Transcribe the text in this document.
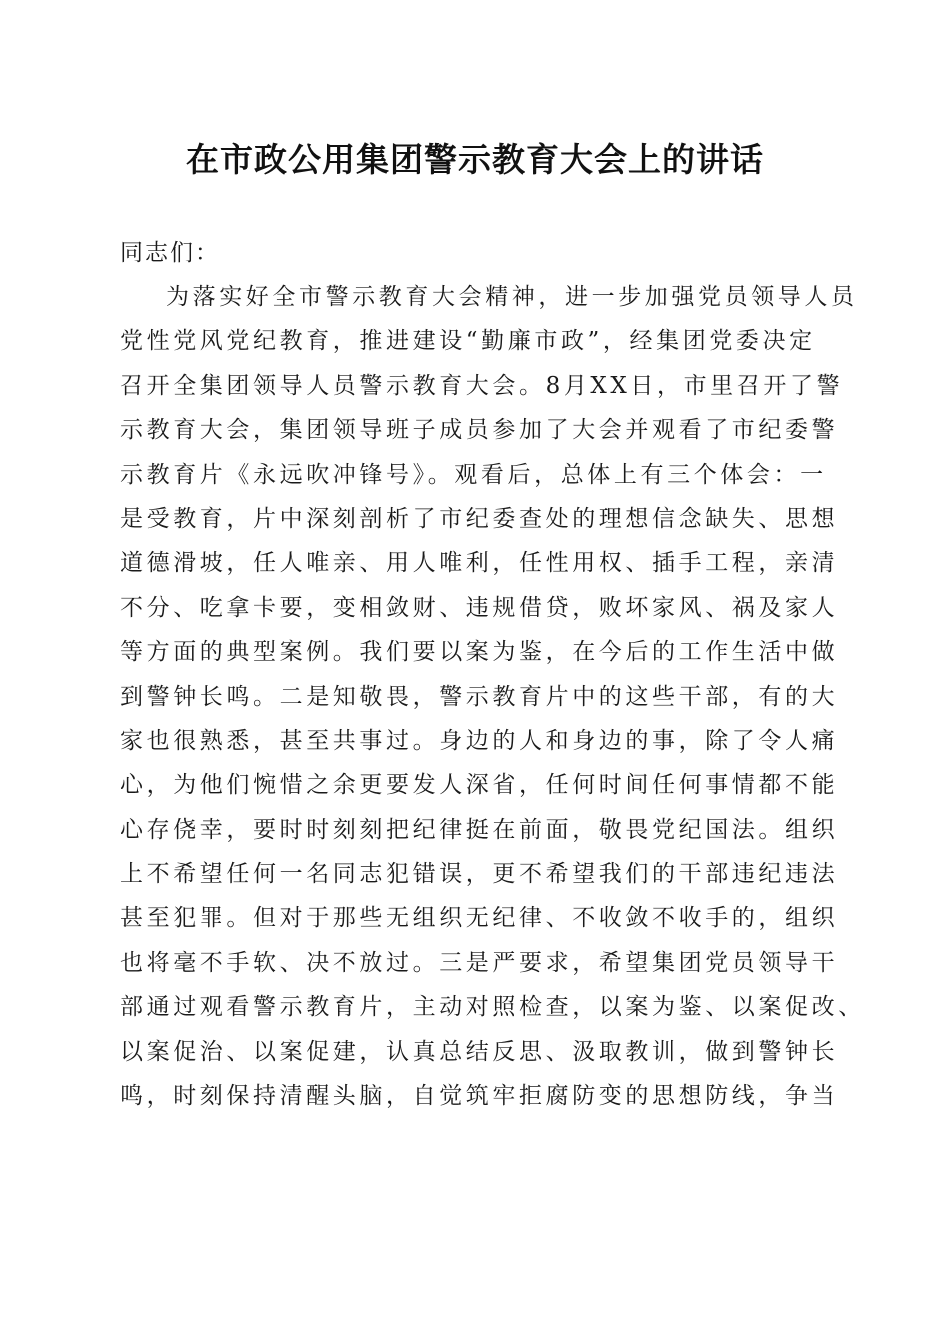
在市政公用集团警示教育大会上的讲话
同志们：
为落实好全市警示教育大会精神，进一步加强党员领导人员
党性党风党纪教育，推进建设“勤廉市政”，经集团党委决定
召开全集团领导人员警示教育大会。8月XX日，市里召开了警
示教育大会，集团领导班子成员参加了大会并观看了市纪委警
示教育片《永远吹冲锋号》。观看后，总体上有三个体会：一
是受教育，片中深刻剖析了市纪委查处的理想信念缺失、思想
道德滑坡，任人唯亲、用人唯利，任性用权、插手工程，亲清
不分、吃拿卡要，变相敛财、违规借贷，败坏家风、祸及家人
等方面的典型案例。我们要以案为鉴，在今后的工作生活中做
到警钟长鸣。二是知敬畏，警示教育片中的这些干部，有的大
家也很熟悉，甚至共事过。身边的人和身边的事，除了令人痛
心，为他们惋惜之余更要发人深省，任何时间任何事情都不能
心存侥幸，要时时刻刻把纪律挺在前面，敬畏党纪国法。组织
上不希望任何一名同志犯错误，更不希望我们的干部违纪违法
甚至犯罪。但对于那些无组织无纪律、不收敛不收手的，组织
也将毫不手软、决不放过。三是严要求，希望集团党员领导干
部通过观看警示教育片，主动对照检查，以案为鉴、以案促改、
以案促治、以案促建，认真总结反思、汲取教训，做到警钟长
鸣，时刻保持清醒头脑，自觉筑牢拒腐防变的思想防线，争当
